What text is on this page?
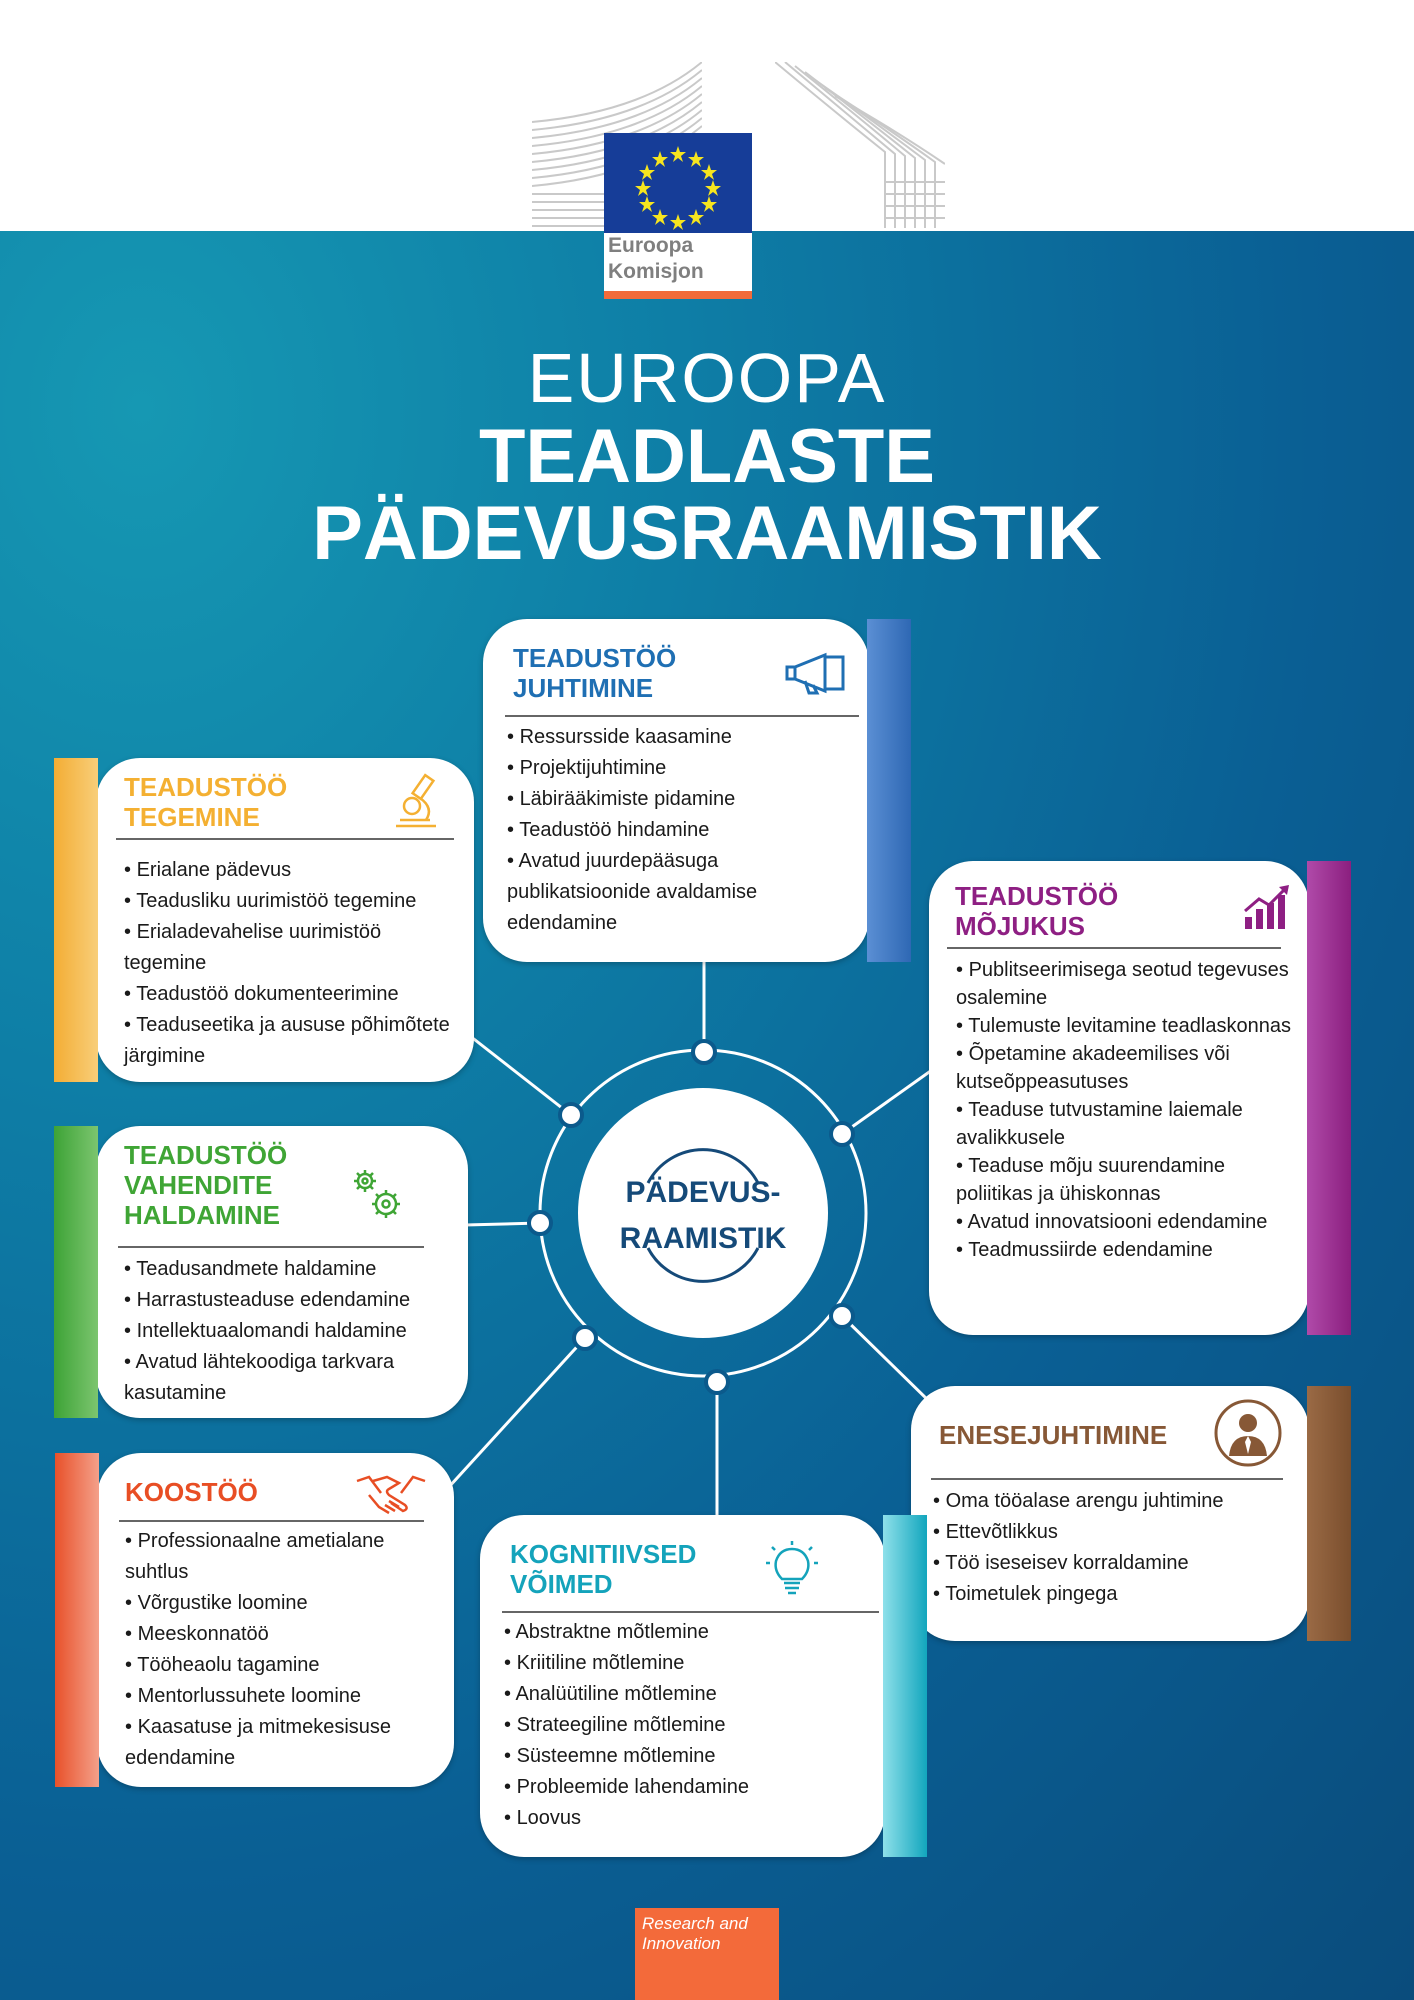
Euroopa
Komisjon
EUROOPA
TEADLASTE
PÄDEVUSRAAMISTIK
PÄDEVUS-
RAAMISTIK
TEADUSTÖÖ
JUHTIMINE
• Ressursside kaasamine
• Projektijuhtimine
• Läbirääkimiste pidamine
• Teadustöö hindamine
• Avatud juurdepääsuga publikatsioonide avaldamise edendamine
TEADUSTÖÖ
TEGEMINE
• Erialane pädevus
• Teadusliku uurimistöö tegemine
• Erialadevahelise uurimistöö tegemine
• Teadustöö dokumenteerimine
• Teaduseetika ja aususe põhimõtete järgimine
TEADUSTÖÖ
MÕJUKUS
• Publitseerimisega seotud tegevuses osalemine
• Tulemuste levitamine teadlaskonnas
• Õpetamine akadeemilises või kutseõppeasutuses
• Teaduse tutvustamine laiemale avalikkusele
• Teaduse mõju suurendamine poliitikas ja ühiskonnas
• Avatud innovatsiooni edendamine
• Teadmussiirde edendamine
TEADUSTÖÖ
VAHENDITE
HALDAMINE
• Teadusandmete haldamine
• Harrastusteaduse edendamine
• Intellektuaalomandi haldamine
• Avatud lähtekoodiga tarkvara kasutamine
ENESEJUHTIMINE
• Oma tööalase arengu juhtimine
• Ettevõtlikkus
• Töö iseseisev korraldamine
• Toimetulek pingega
KOOSTÖÖ
• Professionaalne ametialane suhtlus
• Võrgustike loomine
• Meeskonnatöö
• Tööheaolu tagamine
• Mentorlussuhete loomine
• Kaasatuse ja mitmekesisuse edendamine
KOGNITIIVSED
VÕIMED
• Abstraktne mõtlemine
• Kriitiline mõtlemine
• Analüütiline mõtlemine
• Strateegiline mõtlemine
• Süsteemne mõtlemine
• Probleemide lahendamine
• Loovus
Research and
Innovation
